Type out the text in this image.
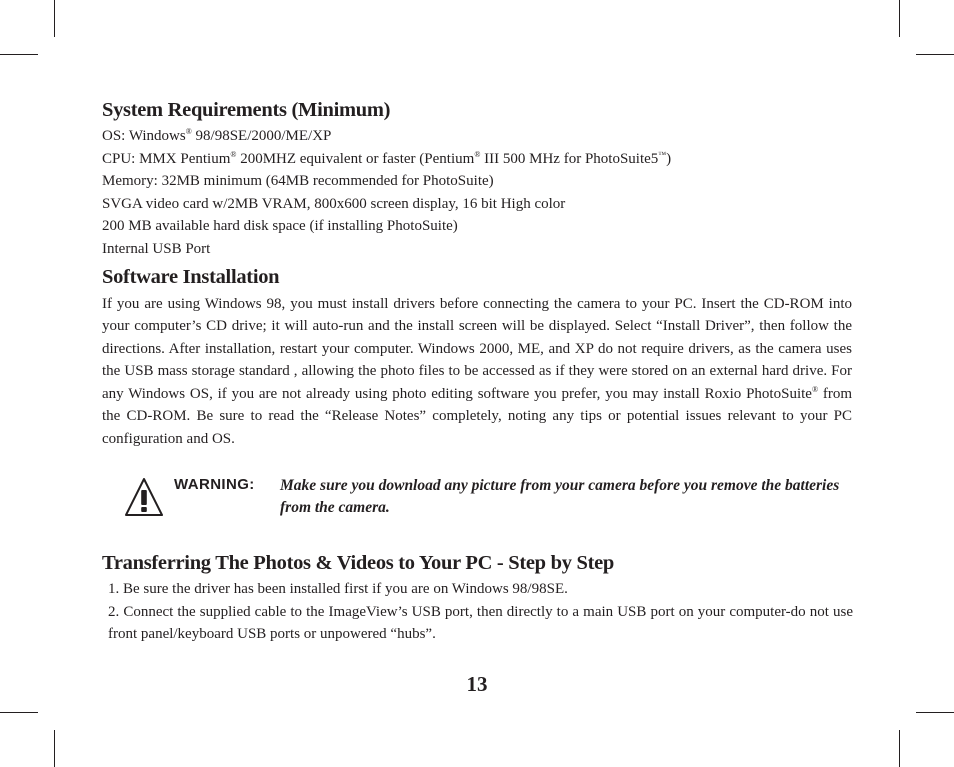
System Requirements (Minimum)
OS: Windows® 98/98SE/2000/ME/XP
CPU: MMX Pentium® 200MHZ equivalent or faster (Pentium® III 500 MHz for PhotoSuite5™)
Memory: 32MB minimum (64MB recommended for PhotoSuite)
SVGA video card w/2MB VRAM, 800x600 screen display, 16 bit High color
200 MB available hard disk space (if installing PhotoSuite)
Internal USB Port
Software Installation

If you are using Windows 98, you must install drivers before connecting the camera to your PC. Insert the CD-ROM into your computer’s CD drive; it will auto-run and the install screen will be displayed. Select “Install Driver”, then follow the directions. After installation, restart your computer. Windows 2000, ME, and XP do not require drivers, as the camera uses the USB mass storage standard , allowing the photo files to be accessed as if they were stored on an external hard drive. For any Windows OS, if you are not already using photo editing software you prefer, you may install Roxio PhotoSuite® from the CD-ROM. Be sure to read the “Release Notes” completely, noting any tips or potential issues relevant to your PC configuration and OS.

WARNING: Make sure you download any picture from your camera before you remove the batteries from the camera.
Transferring The Photos & Videos to Your PC - Step by Step
1. Be sure the driver has been installed first if you are on Windows 98/98SE.
2. Connect the supplied cable to the ImageView’s USB port, then directly to a main USB port on your computer-do not use front panel/keyboard USB ports or unpowered “hubs”.
13
